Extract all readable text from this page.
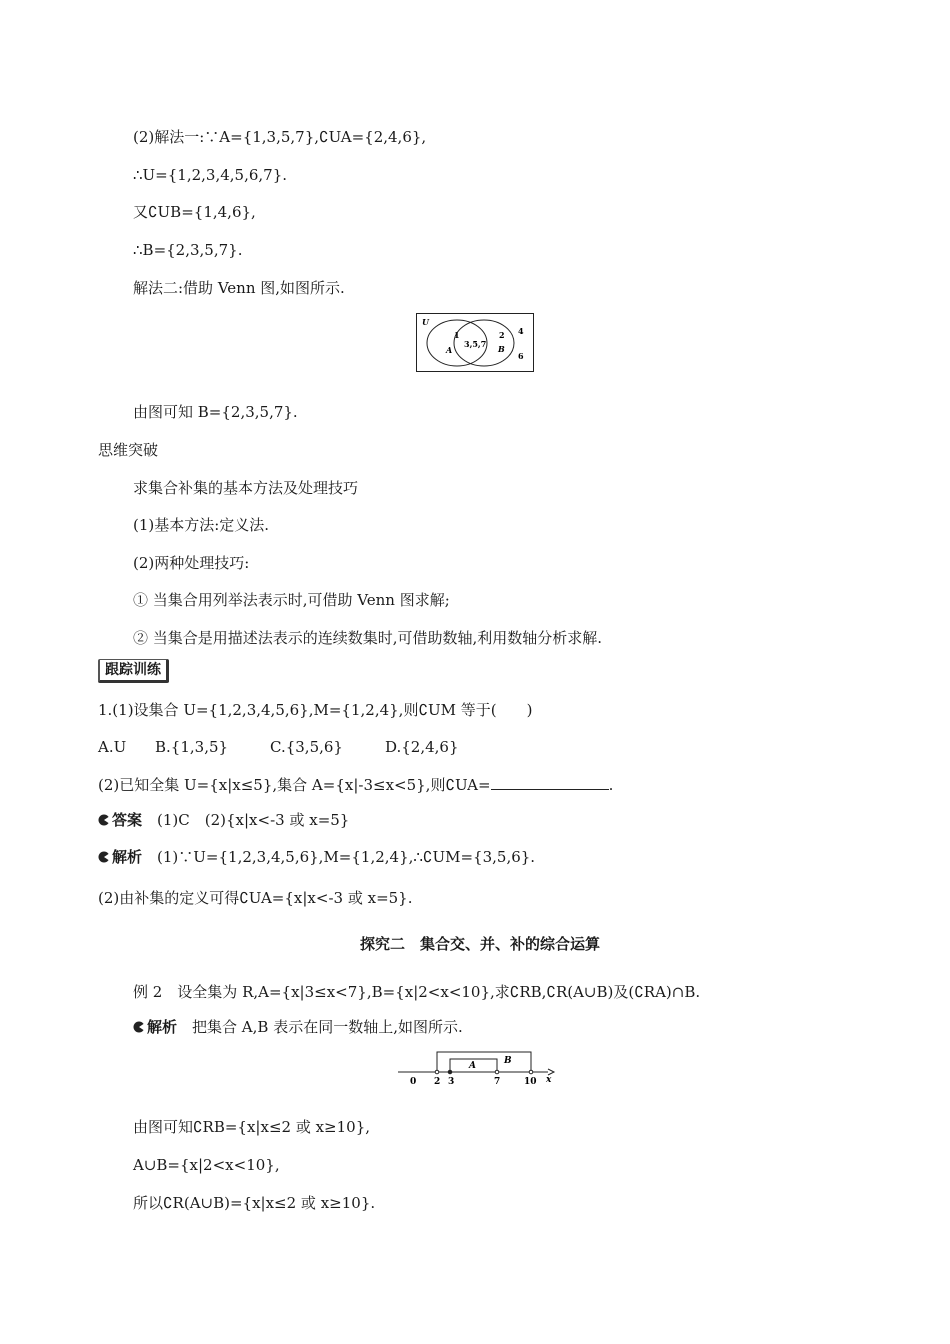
(2)解法一:∵A={1,3,5,7},∁UA={2,4,6},
∴U={1,2,3,4,5,6,7}.
又∁UB={1,4,6},
∴B={2,3,5,7}.
解法二:借助 Venn 图,如图所示.
U
1
A
3,5,7
2
B
4
6
由图可知 B={2,3,5,7}.
思维突破
求集合补集的基本方法及处理技巧
(1)基本方法:定义法.
(2)两种处理技巧:
① 当集合用列举法表示时,可借助 Venn 图求解;
② 当集合是用描述法表示的连续数集时,可借助数轴,利用数轴分析求解.
跟踪训练
1.(1)设集合 U={1,2,3,4,5,6},M={1,2,4},则∁UM 等于(　　)
A.U B.{1,3,5}	C.{3,5,6}	D.{2,4,6}
(2)已知全集 U={x|x≤5},集合 A={x|-3≤x<5},则∁UA=	.
答案　 (1)C　(2){x|x<-3 或 x=5}
解析　 (1)∵U={1,2,3,4,5,6},M={1,2,4},∴∁UM={3,5,6}.
(2)由补集的定义可得∁UA={x|x<-3 或 x=5}.
探究二　集合交、并、补的综合运算
例 2　设全集为 R,A={x|3≤x<7},B={x|2<x<10},求∁RB,∁R(A∪B)及(∁RA)∩B.
解析　 把集合 A,B 表示在同一数轴上,如图所示.
A	B
0 2 3	7	10 x
由图可知∁RB={x|x≤2 或 x≥10},
A∪B={x|2<x<10},
所以∁R(A∪B)={x|x≤2 或 x≥10}.
